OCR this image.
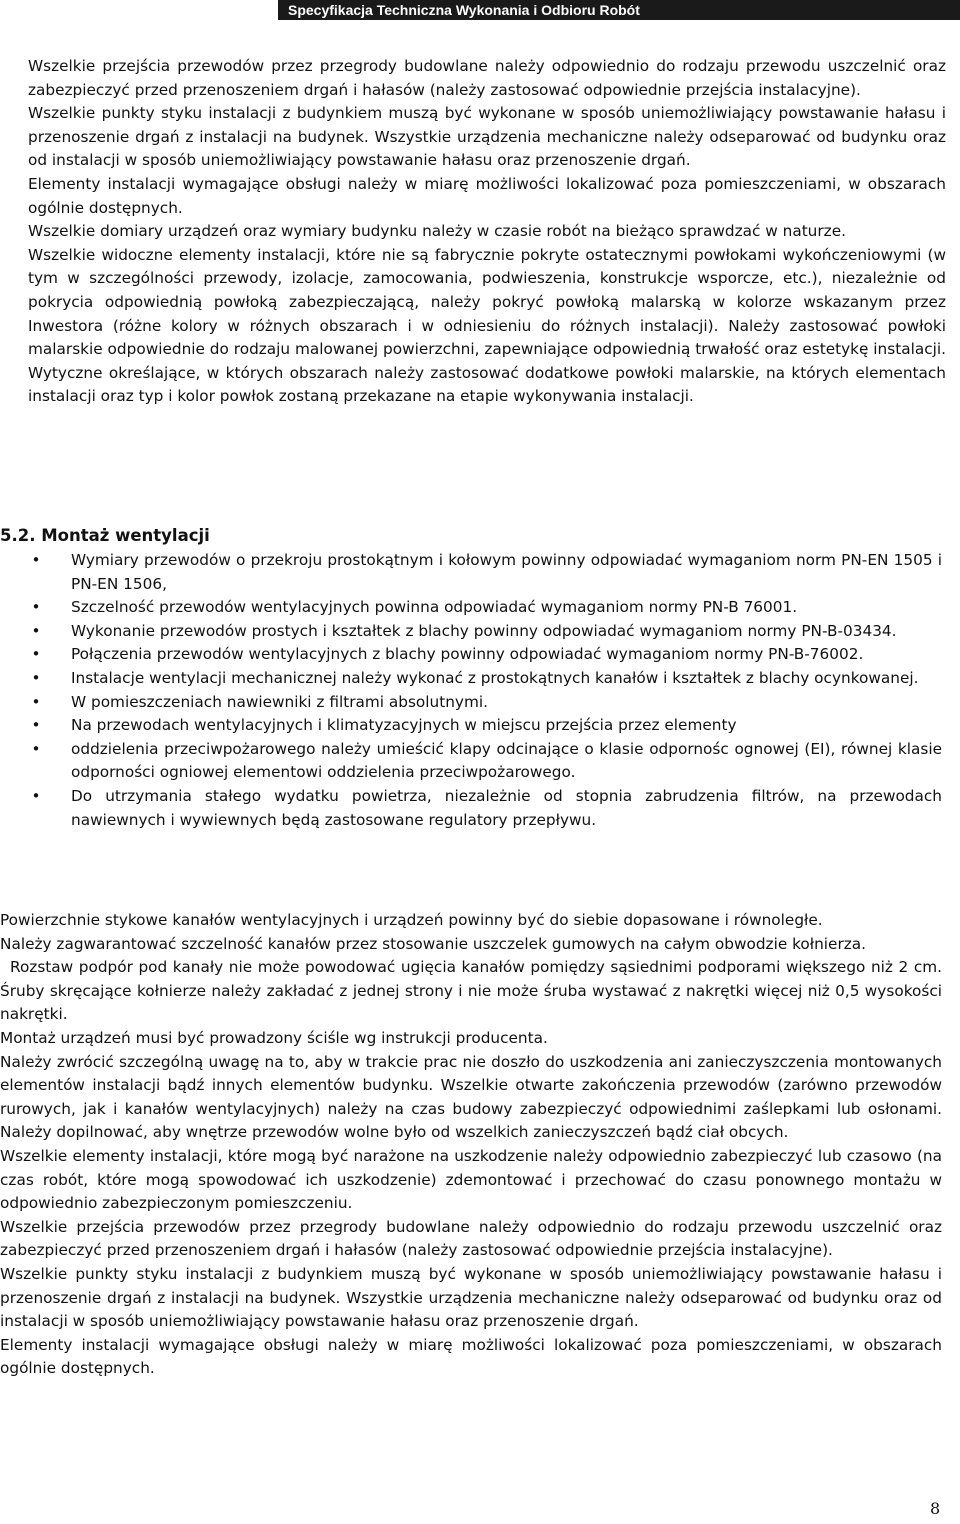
Specyfikacja Techniczna Wykonania i Odbioru Robót

Wszelkie przejścia przewodów przez przegrody budowlane należy odpowiednio do rodzaju przewodu uszczelnić oraz zabezpieczyć przed przenoszeniem drgań i hałasów (należy zastosować odpowiednie przejścia instalacyjne).

Wszelkie punkty styku instalacji z budynkiem muszą być wykonane w sposób uniemożliwiający powstawanie hałasu i przenoszenie drgań z instalacji na budynek. Wszystkie urządzenia mechaniczne należy odseparować od budynku oraz od instalacji w sposób uniemożliwiający powstawanie hałasu oraz przenoszenie drgań.

Elementy instalacji wymagające obsługi należy w miarę możliwości lokalizować poza pomieszczeniami, w obszarach ogólnie dostępnych.

Wszelkie domiary urządzeń oraz wymiary budynku należy w czasie robót na bieżąco sprawdzać w naturze.

Wszelkie widoczne elementy instalacji, które nie są fabrycznie pokryte ostatecznymi powłokami wykończeniowymi (w tym w szczególności przewody, izolacje, zamocowania, podwieszenia, konstrukcje wsporcze, etc.), niezależnie od pokrycia odpowiednią powłoką zabezpieczającą, należy pokryć powłoką malarską w kolorze wskazanym przez Inwestora (różne kolory w różnych obszarach i w odniesieniu do różnych instalacji). Należy zastosować powłoki malarskie odpowiednie do rodzaju malowanej powierzchni, zapewniające odpowiednią trwałość oraz estetykę instalacji. Wytyczne określające, w których obszarach należy zastosować dodatkowe powłoki malarskie, na których elementach instalacji oraz typ i kolor powłok zostaną przekazane na etapie wykonywania instalacji.

5.2. Montaż wentylacji
• Wymiary przewodów o przekroju prostokątnym i kołowym powinny odpowiadać wymaganiom norm PN-EN 1505 i PN-EN 1506,
• Szczelność przewodów wentylacyjnych powinna odpowiadać wymaganiom normy PN-B 76001.
• Wykonanie przewodów prostych i kształtek z blachy powinny odpowiadać wymaganiom normy PN-B-03434.
• Połączenia przewodów wentylacyjnych z blachy powinny odpowiadać wymaganiom normy PN-B-76002.
• Instalacje wentylacji mechanicznej należy wykonać z prostokątnych kanałów i kształtek z blachy ocynkowanej.
• W pomieszczeniach nawiewniki z filtrami absolutnymi.
• Na przewodach wentylacyjnych i klimatyzacyjnych w miejscu przejścia przez elementy
• oddzielenia przeciwpożarowego należy umieścić klapy odcinające o klasie odpornośc ognowej (EI), równej klasie odporności ogniowej elementowi oddzielenia przeciwpożarowego.
• Do utrzymania stałego wydatku powietrza, niezależnie od stopnia zabrudzenia filtrów, na przewodach nawiewnych i wywiewnych będą zastosowane regulatory przepływu.

Powierzchnie stykowe kanałów wentylacyjnych i urządzeń powinny być do siebie dopasowane i równoległe.

Należy zagwarantować szczelność kanałów przez stosowanie uszczelek gumowych na całym obwodzie kołnierza.

Rozstaw podpór pod kanały nie może powodować ugięcia kanałów pomiędzy sąsiednimi podporami większego niż 2 cm. Śruby skręcające kołnierze należy zakładać z jednej strony i nie może śruba wystawać z nakrętki więcej niż 0,5 wysokości nakrętki.

Montaż urządzeń musi być prowadzony ściśle wg instrukcji producenta.

Należy zwrócić szczególną uwagę na to, aby w trakcie prac nie doszło do uszkodzenia ani zanieczyszczenia montowanych elementów instalacji bądź innych elementów budynku. Wszelkie otwarte zakończenia przewodów (zarówno przewodów rurowych, jak i kanałów wentylacyjnych) należy na czas budowy zabezpieczyć odpowiednimi zaślepkami lub osłonami. Należy dopilnować, aby wnętrze przewodów wolne było od wszelkich zanieczyszczeń bądź ciał obcych.

Wszelkie elementy instalacji, które mogą być narażone na uszkodzenie należy odpowiednio zabezpieczyć lub czasowo (na czas robót, które mogą spowodować ich uszkodzenie) zdemontować i przechować do czasu ponownego montażu w odpowiednio zabezpieczonym pomieszczeniu.

Wszelkie przejścia przewodów przez przegrody budowlane należy odpowiednio do rodzaju przewodu uszczelnić oraz zabezpieczyć przed przenoszeniem drgań i hałasów (należy zastosować odpowiednie przejścia instalacyjne).

Wszelkie punkty styku instalacji z budynkiem muszą być wykonane w sposób uniemożliwiający powstawanie hałasu i przenoszenie drgań z instalacji na budynek. Wszystkie urządzenia mechaniczne należy odseparować od budynku oraz od instalacji w sposób uniemożliwiający powstawanie hałasu oraz przenoszenie drgań.

Elementy instalacji wymagające obsługi należy w miarę możliwości lokalizować poza pomieszczeniami, w obszarach ogólnie dostępnych.

8
